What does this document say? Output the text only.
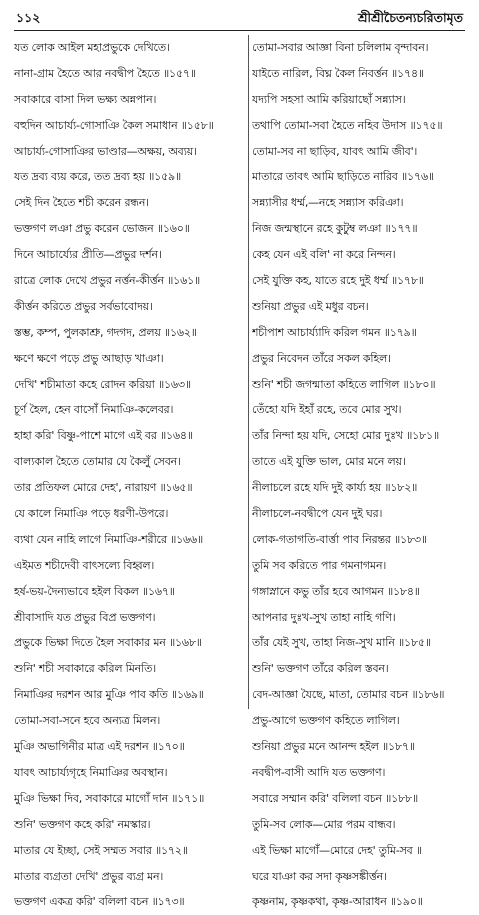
১১২	শ্রীশ্রীচৈতন্যচরিতামৃত
যত লোক আইল মহাপ্রভুকে দেখিতে।
নানা-গ্রাম হৈতে আর নবদ্বীপ হৈতে ॥১৫৭॥
সবাকারে বাসা দিল ভক্ষ্য অন্নপান।
বহুদিন আচার্য্য-গোসাঞি কৈল সমাধান ॥১৫৮॥
আচার্য্য-গোসাঞির ভাণ্ডার—অক্ষয়, অব্যয়।
যত দ্রব্য ব্যয় করে, তত দ্রব্য হয় ॥১৫৯॥
সেই দিন হৈতে শচী করেন রন্ধন।
ভক্তগণ লঞা প্রভু করেন ভোজন ॥১৬০॥
দিনে আচার্য্যের প্রীতি—প্রভুর দর্শন।
রাত্রে লোক দেখে প্রভুর নর্ত্তন-কীর্ত্তন ॥১৬১॥
কীর্ত্তন করিতে প্রভুর সর্বভাবোদয়।
স্তম্ভ, কম্প, পুলকাশ্রু, গদগদ, প্রলয় ॥১৬২॥
ক্ষণে ক্ষণে পড়ে প্রভু আছাড় খাঞা।
দেখি' শচীমাতা কহে রোদন করিয়া ॥১৬৩॥
চূর্ণ হৈল, হেন বাসোঁ নিমাঞি-কলেবর।
হাহা করি' বিষ্ণু-পাশে মাগে এই বর ॥১৬৪॥
বাল্যকাল হৈতে তোমার যে কৈলুঁ সেবন।
তার প্রতিফল মোরে দেহ', নারায়ণ ॥১৬৫॥
যে কালে নিমাঞি পড়ে ধরণী-উপরে।
ব্যথা যেন নাহি লাগে নিমাঞি-শরীরে ॥১৬৬॥
এইমত শচীদেবী বাৎসল্যে বিহ্বল।
হর্ষ-ভয়-দৈন্যভাবে হইল বিকল ॥১৬৭॥
শ্রীবাসাদি যত প্রভুর বিপ্র ভক্তগণ।
প্রভুকে ভিক্ষা দিতে হৈল সবাকার মন ॥১৬৮॥
শুনি' শচী সবাকারে করিল মিনতি।
নিমাঞির দরশন আর মুঞি পাব কতি ॥১৬৯॥
তোমা-সবা-সনে হবে অন্যত্র মিলন।
মুঞি অভাগিনীর মাত্র এই দরশন ॥১৭০॥
যাবৎ আচার্য্যগৃহে নিমাঞির অবস্থান।
মুঞি ভিক্ষা দিব, সবাকারে মাগোঁ দান ॥১৭১॥
শুনি' ভক্তগণ কহে করি' নমস্কার।
মাতার যে ইচ্ছা, সেই সম্মত সবার ॥১৭২॥
মাতার ব্যগ্রতা দেখি' প্রভুর ব্যগ্র মন।
ভক্তগণ একত্র করি' বলিলা বচন ॥১৭৩॥
তোমা-সবার আজ্ঞা বিনা চলিলাম বৃন্দাবন।
যাইতে নারিল, বিঘ্ন কৈল নিবর্ত্তন ॥১৭৪॥
যদ্যপি সহসা আমি করিয়াছোঁ সন্ন্যাস।
তথাপি তোমা-সবা হৈতে নহিব উদাস ॥১৭৫॥
তোমা-সব না ছাড়িব, যাবৎ আমি জীব'।
মাতারে তাবৎ আমি ছাড়িতে নারিব ॥১৭৬॥
সন্ন্যাসীর ধর্ম্ম,—নহে সন্ন্যাস করিঞা।
নিজ জন্মস্থানে রহে কুটুম্ব লঞা ॥১৭৭॥
কেহ যেন এই বলি' না করে নিন্দন।
সেই যুক্তি কহ, যাতে রহে দুই ধর্ম্ম ॥১৭৮॥
শুনিয়া প্রভুর এই মধুর বচন।
শচীপাশ আচার্য্যাদি করিল গমন ॥১৭৯॥
প্রভুর নিবেদন তাঁরে সকল কহিল।
শুনি' শচী জগন্মাতা কহিতে লাগিল ॥১৮০॥
তেঁহো যদি ইহাঁ রহে, তবে মোর সুখ।
তাঁর নিন্দা হয় যদি, সেহো মোর দুঃখ ॥১৮১॥
তাতে এই যুক্তি ভাল, মোর মনে লয়।
নীলাচলে রহে যদি দুই কার্য্য হয় ॥১৮২॥
নীলাচলে-নবদ্বীপে যেন দুই ঘর।
লোক-গতাগতি-বার্ত্তা পাব নিরন্তর ॥১৮৩॥
তুমি সব করিতে পার গমনাগমন।
গঙ্গাস্নানে কভু তাঁর হবে আগমন ॥১৮৪॥
আপনার দুঃখ-সুখ তাহা নাহি গণি।
তাঁর যেই সুখ, তাহা নিজ-সুখ মানি ॥১৮৫॥
শুনি' ভক্তগণ তাঁরে করিল স্তবন।
বেদ-আজ্ঞা যৈছে, মাতা, তোমার বচন ॥১৮৬॥
প্রভু-আগে ভক্তগণ কহিতে লাগিল।
শুনিয়া প্রভুর মনে আনন্দ হইল ॥১৮৭॥
নবদ্বীপ-বাসী আদি যত ভক্তগণ।
সবারে সম্মান করি' বলিলা বচন ॥১৮৮॥
তুমি-সব লোক—মোর পরম বান্ধব।
এই ভিক্ষা মাগোঁ—মোরে দেহ' তুমি-সব ॥
ঘরে যাঞা কর সদা কৃষ্ণসঙ্কীর্ত্তন।
কৃষ্ণনাম, কৃষ্ণকথা, কৃষ্ণ-আরাধন ॥১৯০॥
